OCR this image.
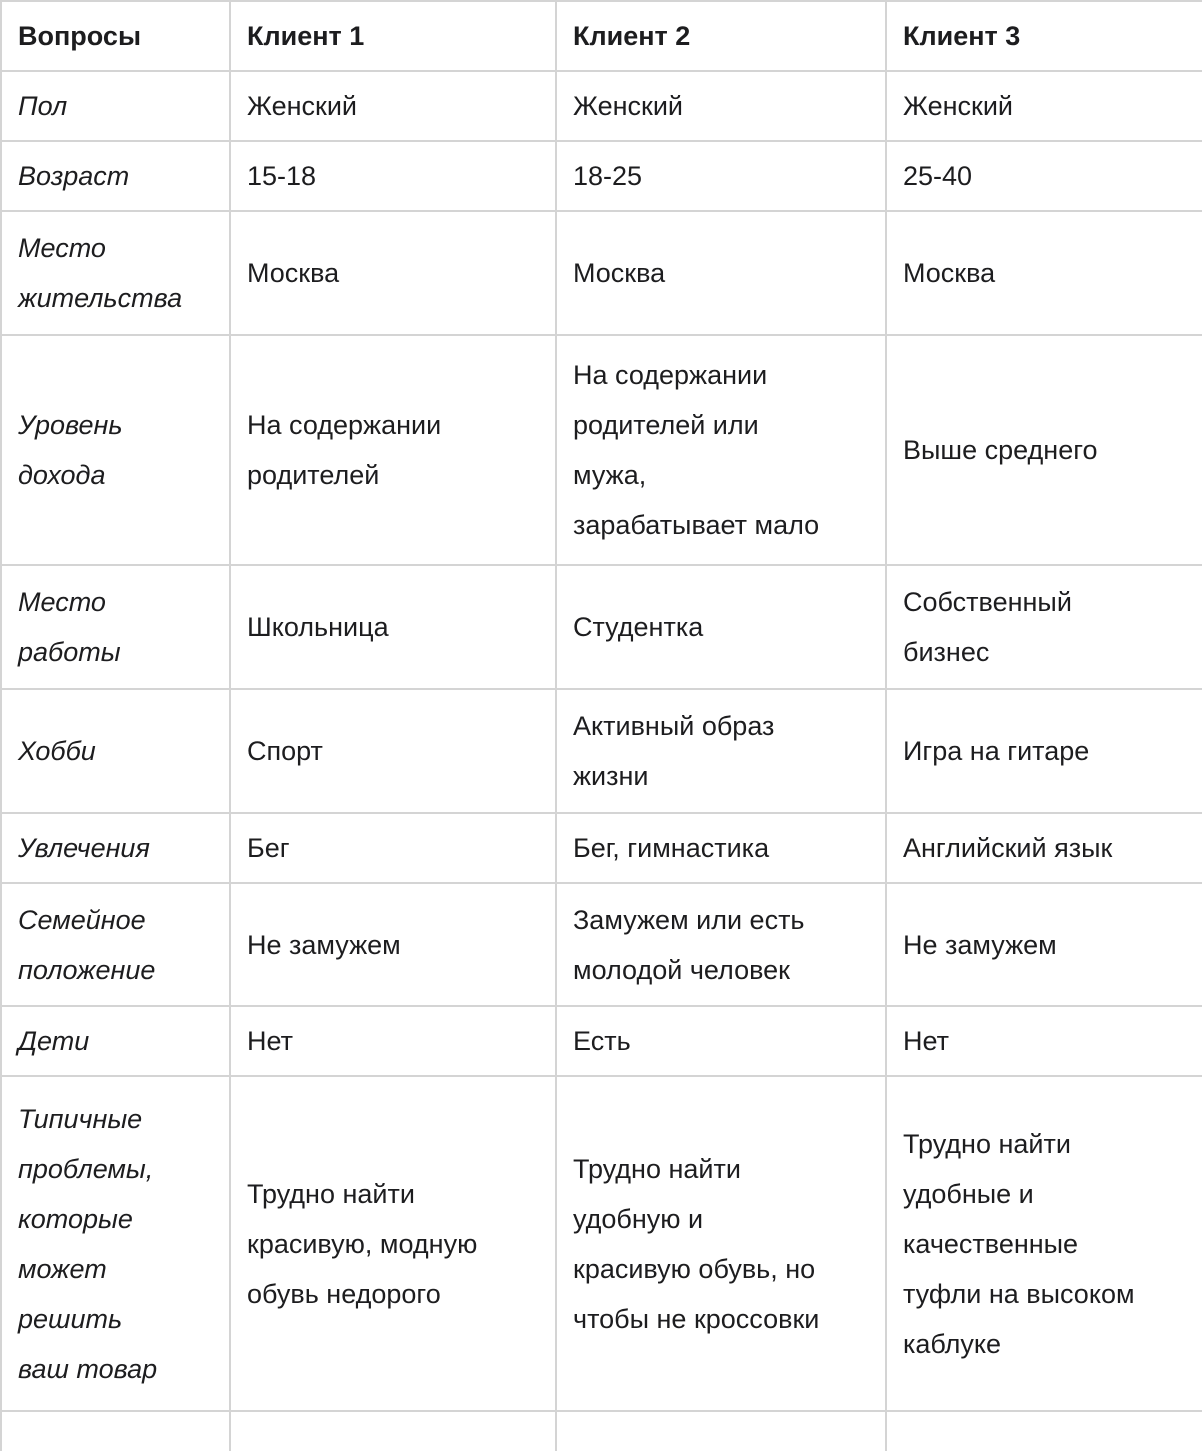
Вопросы	Клиент 1	Клиент 2	Клиент 3
Пол	Женский	Женский	Женский
Возраст	15-18	18-25	25-40
Место жительства	Москва	Москва	Москва
Уровень дохода	На содержании родителей	На содержании родителей или мужа, зарабатывает мало	Выше среднего
Место работы	Школьница	Студентка	Собственный бизнес
Хобби	Спорт	Активный образ жизни	Игра на гитаре
Увлечения	Бег	Бег, гимнастика	Английский язык
Семейное положение	Не замужем	Замужем или есть молодой человек	Не замужем
Дети	Нет	Есть	Нет
Типичные проблемы, которые может решить ваш товар	Трудно найти красивую, модную обувь недорого	Трудно найти удобную и красивую обувь, но чтобы не кроссовки	Трудно найти удобные и качественные туфли на высоком каблуке
